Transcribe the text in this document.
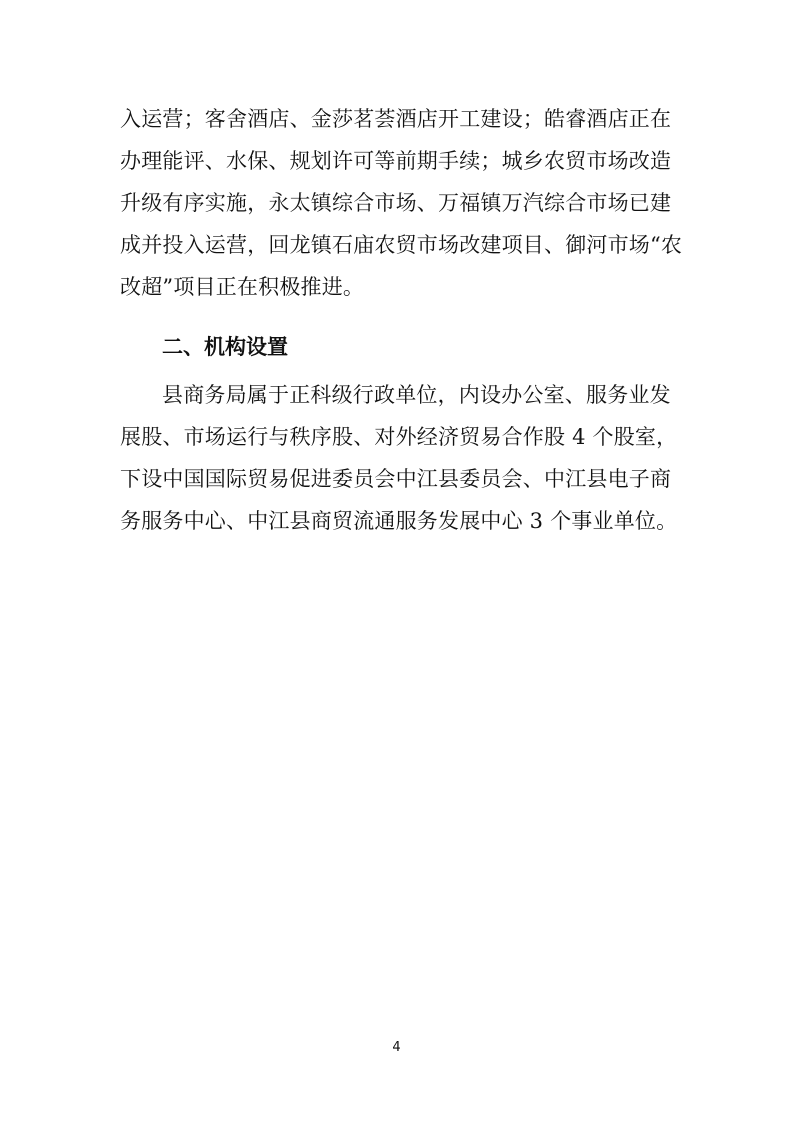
入运营；客舍酒店、金莎茗荟酒店开工建设；皓睿酒店正在
办理能评、水保、规划许可等前期手续；城乡农贸市场改造
升级有序实施，永太镇综合市场、万福镇万汽综合市场已建
成并投入运营，回龙镇石庙农贸市场改建项目、御河市场“农
改超”项目正在积极推进。
二、机构设置
县商务局属于正科级行政单位，内设办公室、服务业发
展股、市场运行与秩序股、对外经济贸易合作股 4 个股室，
下设中国国际贸易促进委员会中江县委员会、中江县电子商
务服务中心、中江县商贸流通服务发展中心 3 个事业单位。
4
